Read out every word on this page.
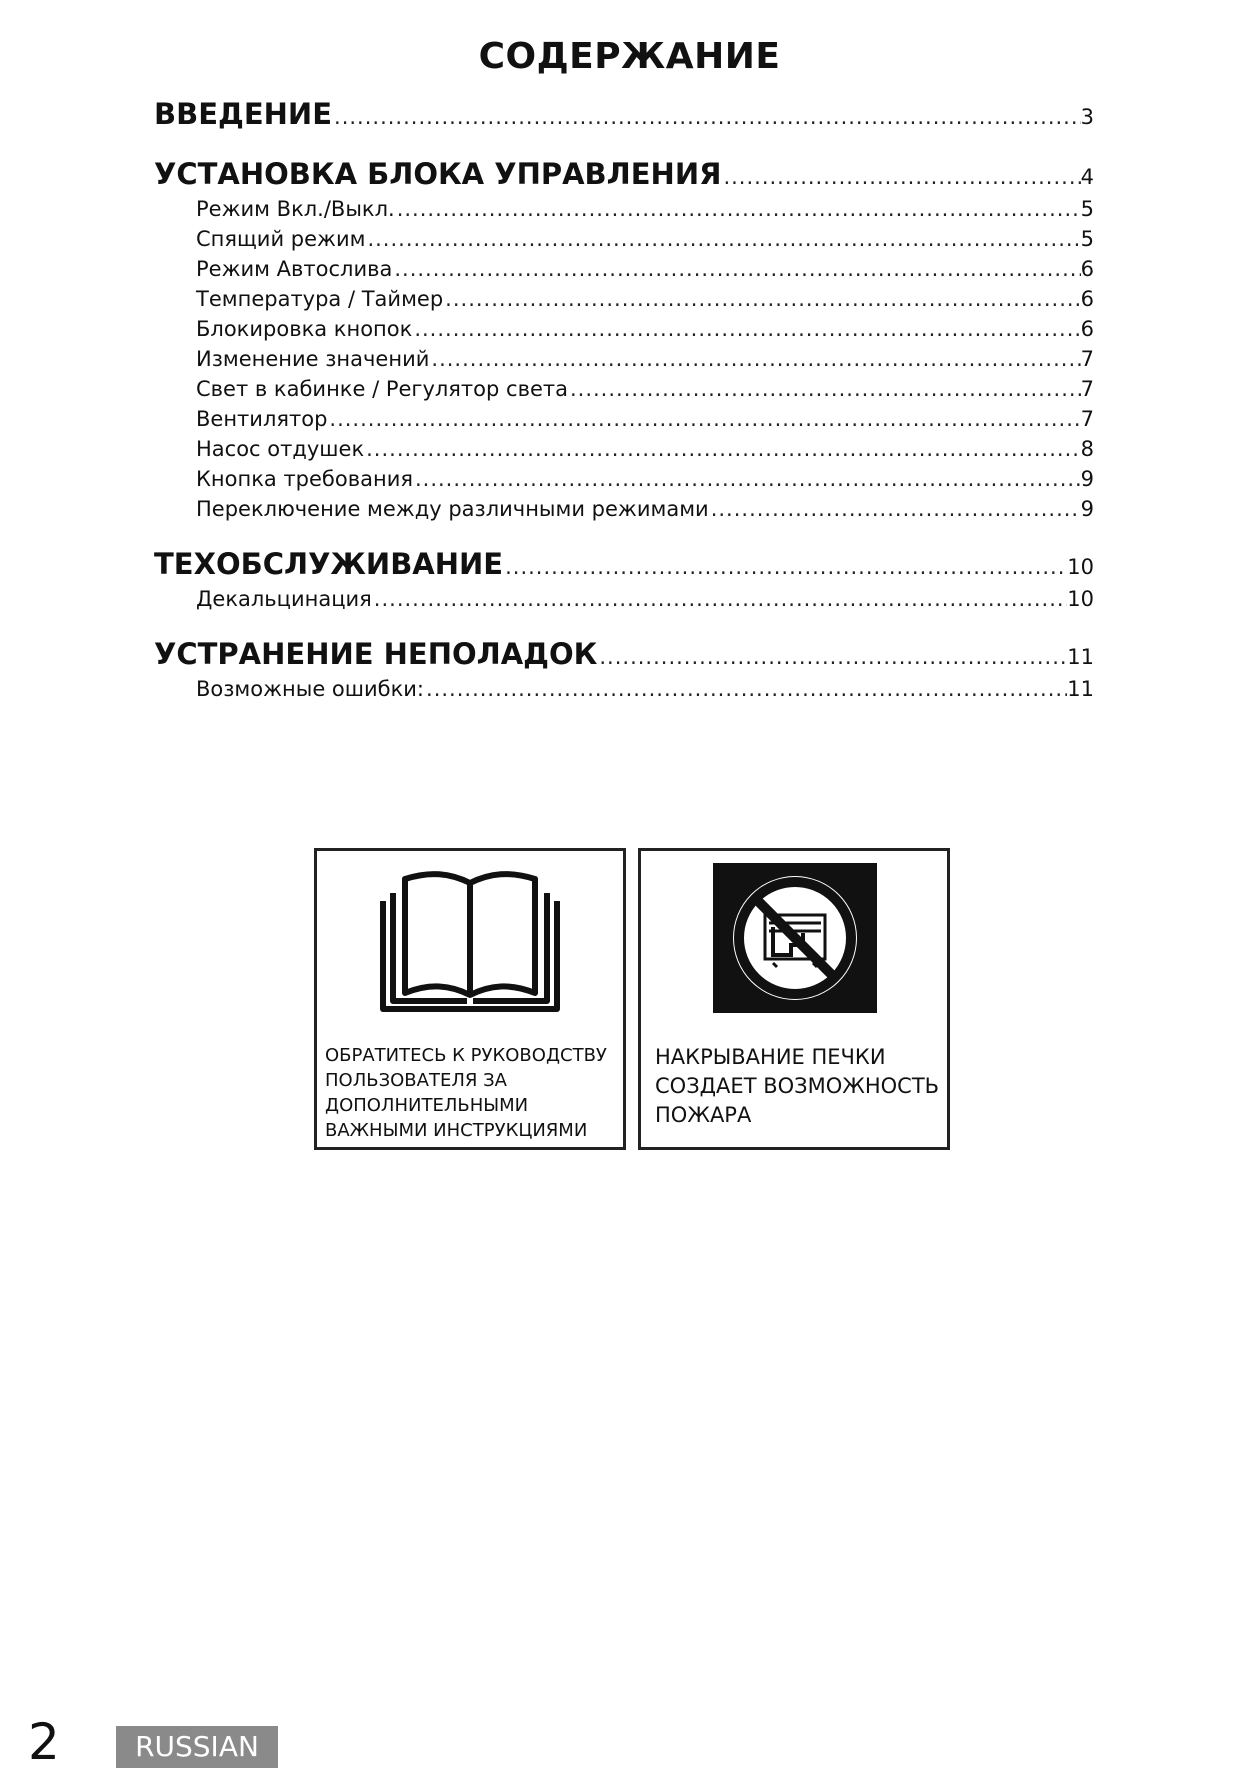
СОДЕРЖАНИЕ
ВВЕДЕНИЕ .....	3
УСТАНОВКА БЛОКА УПРАВЛЕНИЯ .....	4
Режим Вкл./Выкл. .....	5
Спящий режим .....	5
Режим Автослива .....	6
Температура / Таймер .....	6
Блокировка кнопок .....	6
Изменение значений .....	7
Свет в кабинке / Регулятор света .....	7
Вентилятор .....	7
Насос отдушек .....	8
Кнопка требования .....	9
Переключение между различными режимами .....	9
ТЕХОБСЛУЖИВАНИЕ .....	10
Декальцинация .....	10
УСТРАНЕНИЕ НЕПОЛАДОК .....	11
Возможные ошибки: .....	11
ОБРАТИТЕСЬ К РУКОВОДСТВУ
ПОЛЬЗОВАТЕЛЯ ЗА
ДОПОЛНИТЕЛЬНЫМИ
ВАЖНЫМИ ИНСТРУКЦИЯМИ
НАКРЫВАНИЕ ПЕЧКИ
СОЗДАЕТ ВОЗМОЖНОСТЬ
ПОЖАРА
2	RUSSIAN
